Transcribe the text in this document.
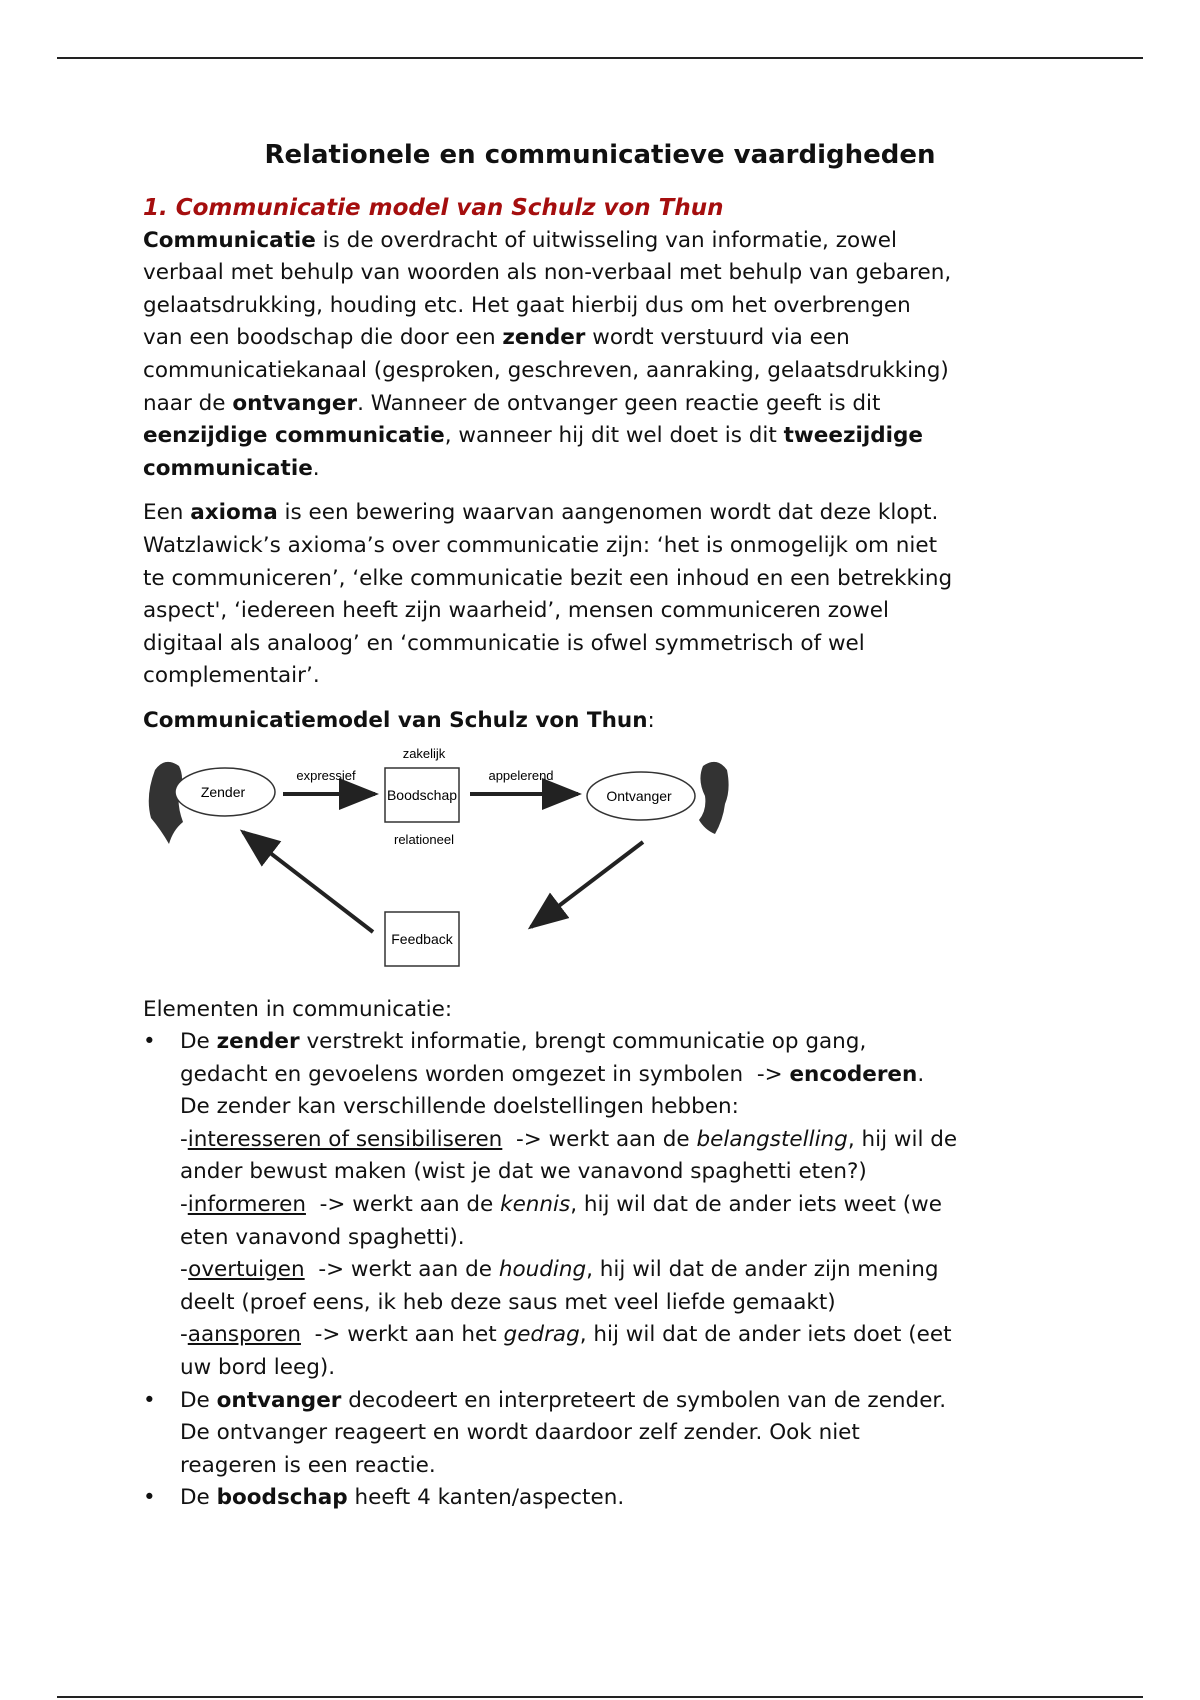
Relationele en communicatieve vaardigheden
1. Communicatie model van Schulz von Thun
Communicatie is de overdracht of uitwisseling van informatie, zowel
verbaal met behulp van woorden als non-verbaal met behulp van gebaren,
gelaatsdrukking, houding etc. Het gaat hierbij dus om het overbrengen
van een boodschap die door een zender wordt verstuurd via een
communicatiekanaal (gesproken, geschreven, aanraking, gelaatsdrukking)
naar de ontvanger. Wanneer de ontvanger geen reactie geeft is dit
eenzijdige communicatie, wanneer hij dit wel doet is dit tweezijdige
communicatie.
Een axioma is een bewering waarvan aangenomen wordt dat deze klopt.
Watzlawick’s axioma’s over communicatie zijn: ‘het is onmogelijk om niet
te communiceren’, ‘elke communicatie bezit een inhoud en een betrekking
aspect', ‘iedereen heeft zijn waarheid’, mensen communiceren zowel
digitaal als analoog’ en ‘communicatie is ofwel symmetrisch of wel
complementair’.
Communicatiemodel van Schulz von Thun:
Zender
expressief
Boodschap
zakelijk
relationeel
appelerend
Ontvanger
Feedback
Elementen in communicatie:
• De zender verstrekt informatie, brengt communicatie op gang,
gedacht en gevoelens worden omgezet in symbolen  -> encoderen.
De zender kan verschillende doelstellingen hebben:
-interesseren of sensibiliseren  -> werkt aan de belangstelling, hij wil de
ander bewust maken (wist je dat we vanavond spaghetti eten?)
-informeren  -> werkt aan de kennis, hij wil dat de ander iets weet (we
eten vanavond spaghetti).
-overtuigen  -> werkt aan de houding, hij wil dat de ander zijn mening
deelt (proef eens, ik heb deze saus met veel liefde gemaakt)
-aansporen  -> werkt aan het gedrag, hij wil dat de ander iets doet (eet
uw bord leeg).
• De ontvanger decodeert en interpreteert de symbolen van de zender.
De ontvanger reageert en wordt daardoor zelf zender. Ook niet
reageren is een reactie.
• De boodschap heeft 4 kanten/aspecten.
